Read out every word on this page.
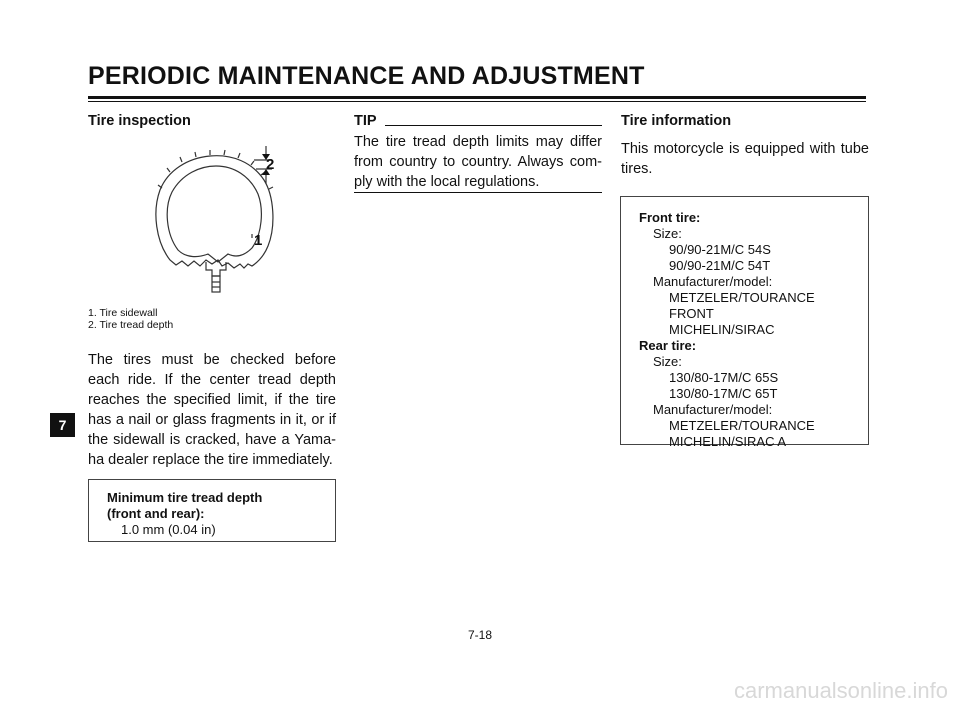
PERIODIC MAINTENANCE AND ADJUSTMENT
Tire inspection
2
1
1. Tire sidewall
2. Tire tread depth
The tires must be checked before
each ride. If the center tread depth
reaches the specified limit, if the tire
has a nail or glass fragments in it, or if
the sidewall is cracked, have a Yama-
ha dealer replace the tire immediately.

Minimum tire tread depth

(front and rear):

1.0 mm (0.04 in)

TIP
The tire tread depth limits may differ
from country to country. Always com-
ply with the local regulations.
Tire information
This motorcycle is equipped with tube
tires.

Front tire:

Size:

90/90-21M/C 54S

90/90-21M/C 54T

Manufacturer/model:

METZELER/TOURANCE

FRONT

MICHELIN/SIRAC

Rear tire:

Size:

130/80-17M/C 65S

130/80-17M/C 65T

Manufacturer/model:

METZELER/TOURANCE

MICHELIN/SIRAC A

7

7-18

carmanualsonline.info
